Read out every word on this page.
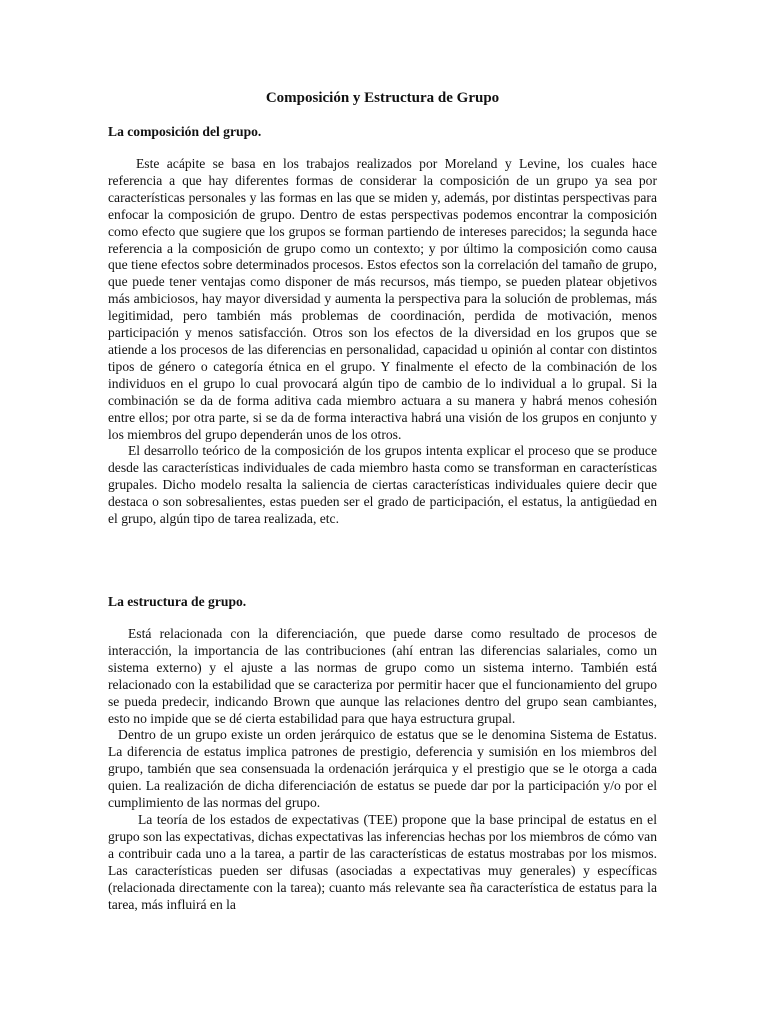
Composición y Estructura de Grupo
La composición del grupo.

Este acápite se basa en los trabajos realizados por Moreland y Levine, los cuales hace referencia a que hay diferentes formas de considerar la composición de un grupo ya sea por características personales y las formas en las que se miden y, además, por distintas perspectivas para enfocar la composición de grupo. Dentro de estas perspectivas podemos encontrar la composición como efecto que sugiere que los grupos se forman partiendo de intereses parecidos; la segunda hace referencia a la composición de grupo como un contexto; y por último la composición como causa que tiene efectos sobre determinados procesos. Estos efectos son la correlación del tamaño de grupo, que puede tener ventajas como disponer de más recursos, más tiempo, se pueden platear objetivos más ambiciosos, hay mayor diversidad y aumenta la perspectiva para la solución de problemas, más legitimidad, pero también más problemas de coordinación, perdida de motivación, menos participación y menos satisfacción. Otros son los efectos de la diversidad en los grupos que se atiende a los procesos de las diferencias en personalidad, capacidad u opinión al contar con distintos tipos de género o categoría étnica en el grupo. Y finalmente el efecto de la combinación de los individuos en el grupo lo cual provocará algún tipo de cambio de lo individual a lo grupal. Si la combinación se da de forma aditiva cada miembro actuara a su manera y habrá menos cohesión entre ellos; por otra parte, si se da de forma interactiva habrá una visión de los grupos en conjunto y los miembros del grupo dependerán unos de los otros.

El desarrollo teórico de la composición de los grupos intenta explicar el proceso que se produce desde las características individuales de cada miembro hasta como se transforman en características grupales. Dicho modelo resalta la saliencia de ciertas características individuales quiere decir que destaca o son sobresalientes, estas pueden ser el grado de participación, el estatus, la antigüedad en el grupo, algún tipo de tarea realizada, etc.

La estructura de grupo.

Está relacionada con la diferenciación, que puede darse como resultado de procesos de interacción, la importancia de las contribuciones (ahí entran las diferencias salariales, como un sistema externo) y el ajuste a las normas de grupo como un sistema interno. También está relacionado con la estabilidad que se caracteriza por permitir hacer que el funcionamiento del grupo se pueda predecir, indicando Brown que aunque las relaciones dentro del grupo sean cambiantes, esto no impide que se dé cierta estabilidad para que haya estructura grupal.

Dentro de un grupo existe un orden jerárquico de estatus que se le denomina Sistema de Estatus. La diferencia de estatus implica patrones de prestigio, deferencia y sumisión en los miembros del grupo, también que sea consensuada la ordenación jerárquica y el prestigio que se le otorga a cada quien. La realización de dicha diferenciación de estatus se puede dar por la participación y/o por el cumplimiento de las normas del grupo.

La teoría de los estados de expectativas (TEE) propone que la base principal de estatus en el grupo son las expectativas, dichas expectativas las inferencias hechas por los miembros de cómo van a contribuir cada uno a la tarea, a partir de las características de estatus mostrabas por los mismos. Las características pueden ser difusas (asociadas a expectativas muy generales) y específicas (relacionada directamente con la tarea); cuanto más relevante sea ña característica de estatus para la tarea, más influirá en la
